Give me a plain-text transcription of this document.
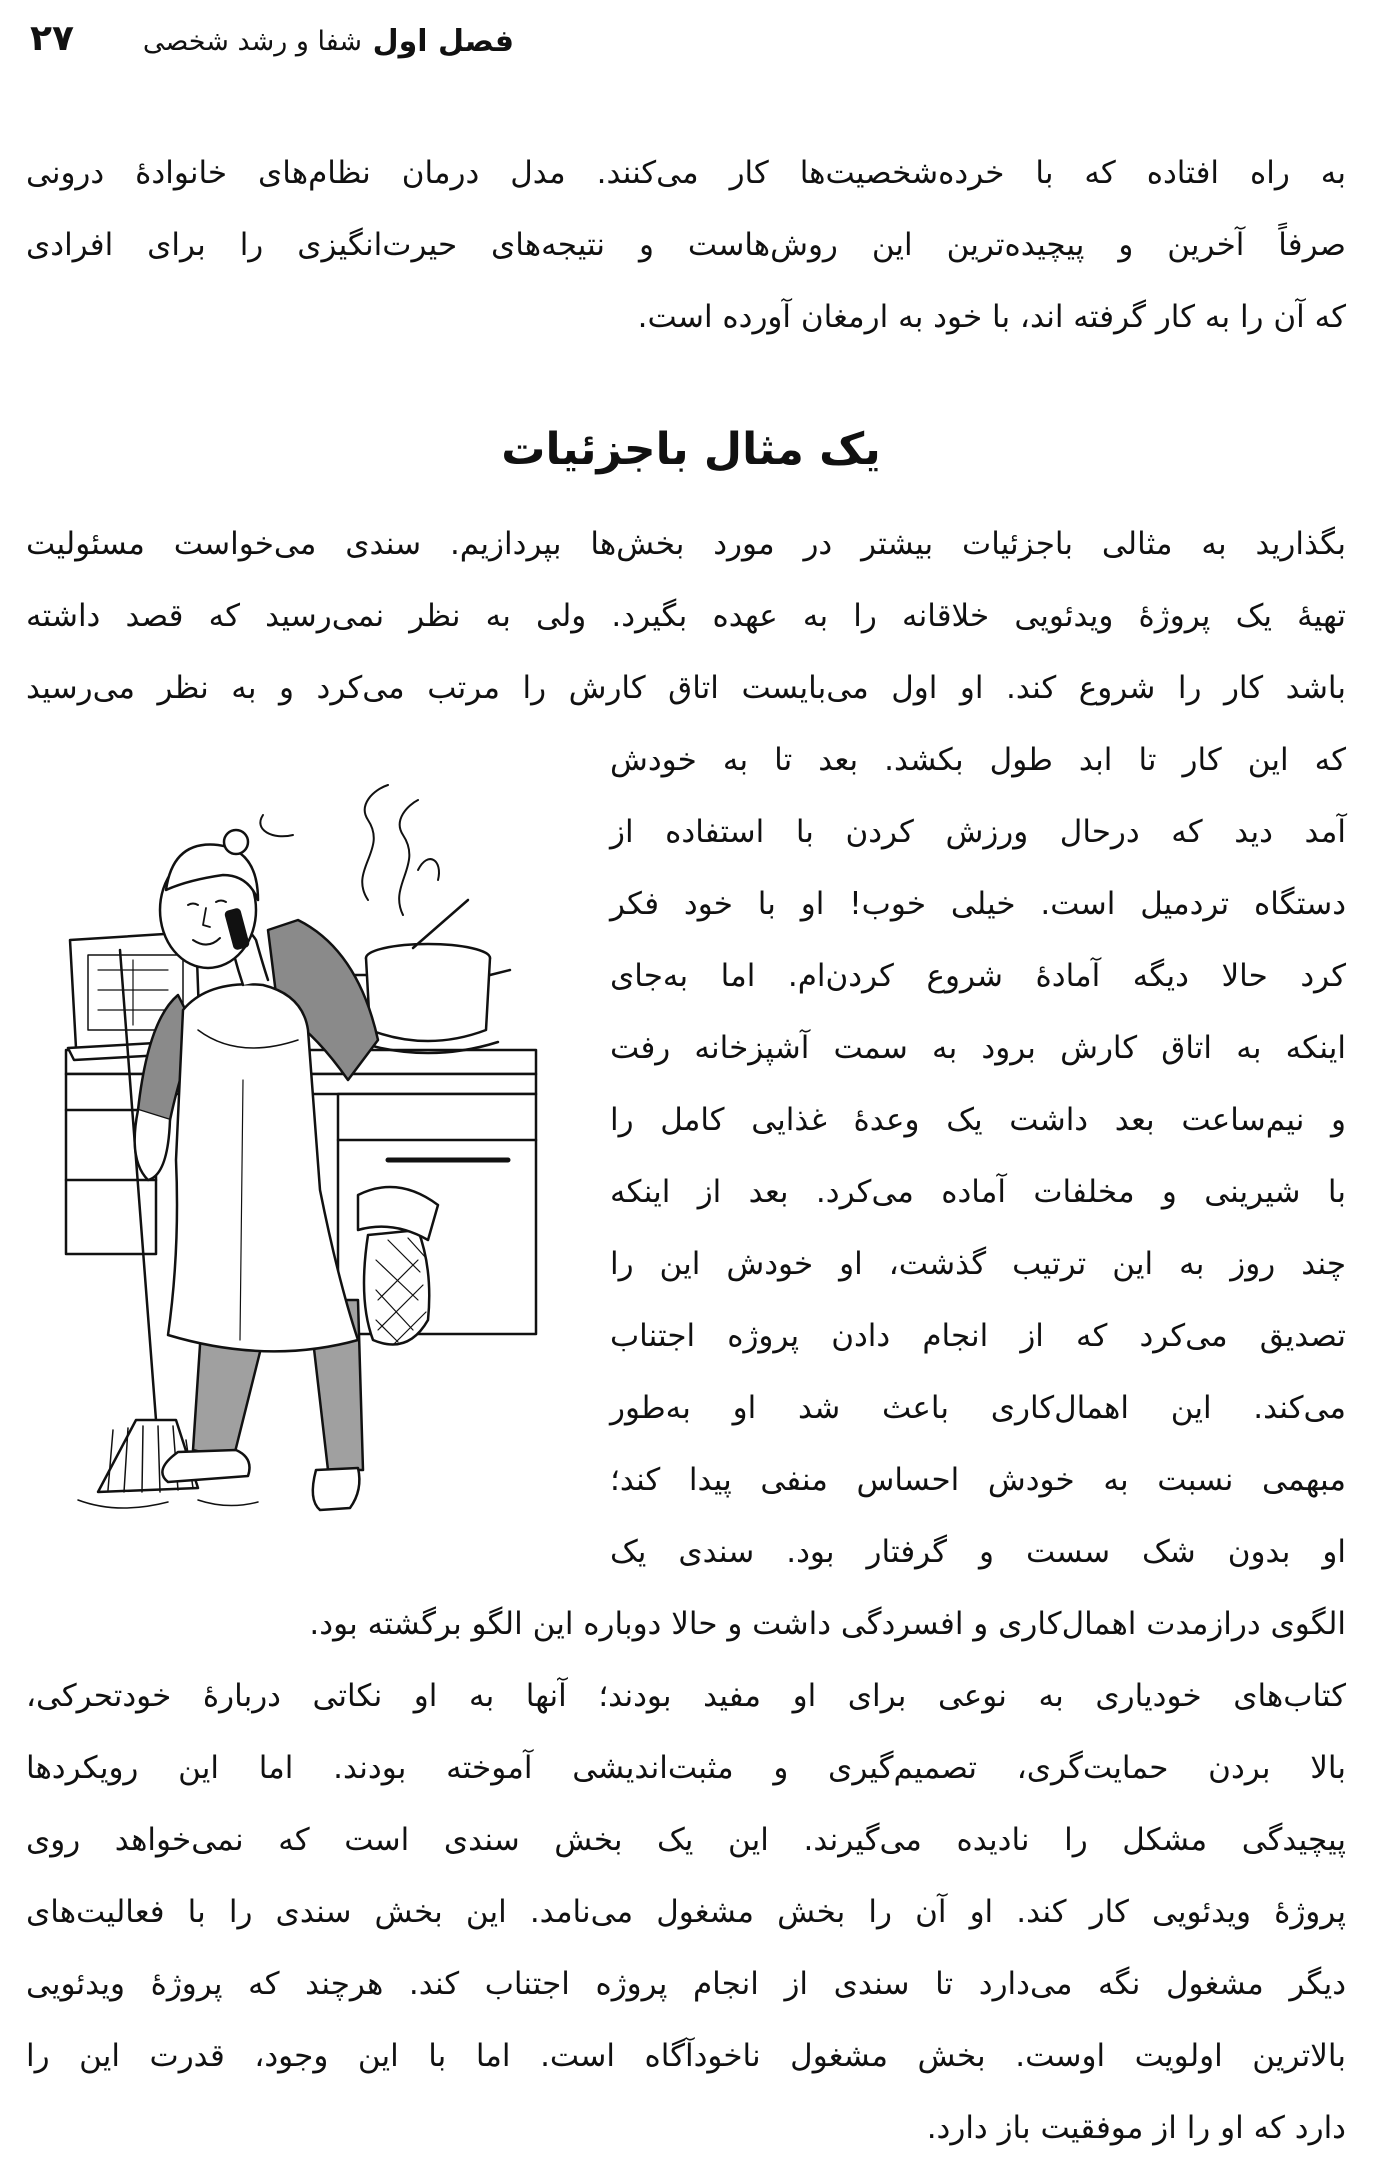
فصل اول
شفا و رشد شخصی
۲۷
به راه افتاده که با خرده‌شخصیت‌ها کار می‌کنند. مدل درمان نظام‌های خانوادۀ درونی
صرفاً آخرین و پیچیده‌ترین این روش‌هاست و نتیجه‌های حیرت‌انگیزی را برای افرادی
که آن را به کار گرفته اند، با خود به ارمغان آورده است.
یک مثال باجزئیات
بگذارید به مثالی باجزئیات بیشتر در مورد بخش‌ها بپردازیم. سندی می‌خواست مسئولیت
تهیۀ یک پروژۀ ویدئویی خلاقانه را به عهده بگیرد. ولی به نظر نمی‌رسید که قصد داشته
باشد کار را شروع کند. او اول می‌بایست اتاق کارش را مرتب می‌کرد و به نظر می‌رسید
که این کار تا ابد طول بکشد. بعد تا به خودش
آمد دید که درحال ورزش کردن با استفاده از
دستگاه تردمیل است. خیلی خوب! او با خود فکر
کرد حالا دیگه آمادۀ شروع کردن‌ام. اما به‌جای
اینکه به اتاق کارش برود به سمت آشپزخانه رفت
و نیم‌ساعت بعد داشت یک وعدۀ غذایی کامل را
با شیرینی و مخلفات آماده می‌کرد. بعد از اینکه
چند روز به این ترتیب گذشت، او خودش این را
تصدیق می‌کرد که از انجام دادن پروژه اجتناب
می‌کند. این اهمال‌کاری باعث شد او به‌طور
مبهمی نسبت به خودش احساس منفی پیدا کند؛
او بدون شک سست و گرفتار بود. سندی یک
الگوی درازمدت اهمال‌کاری و افسردگی داشت و حالا دوباره این الگو برگشته بود.
کتاب‌های خودیاری به نوعی برای او مفید بودند؛ آنها به او نکاتی دربارۀ خودتحرکی،
بالا بردن حمایت‌گری، تصمیم‌گیری و مثبت‌اندیشی آموخته بودند. اما این رویکردها
پیچیدگی مشکل را نادیده می‌گیرند. این یک بخش سندی است که نمی‌خواهد روی
پروژۀ ویدئویی کار کند. او آن را بخش مشغول می‌نامد. این بخش سندی را با فعالیت‌های
دیگر مشغول نگه می‌دارد تا سندی از انجام پروژه اجتناب کند. هرچند که پروژۀ ویدئویی
بالاترین اولویت اوست. بخش مشغول ناخودآگاه است. اما با این وجود، قدرت این را
دارد که او را از موفقیت باز دارد.
